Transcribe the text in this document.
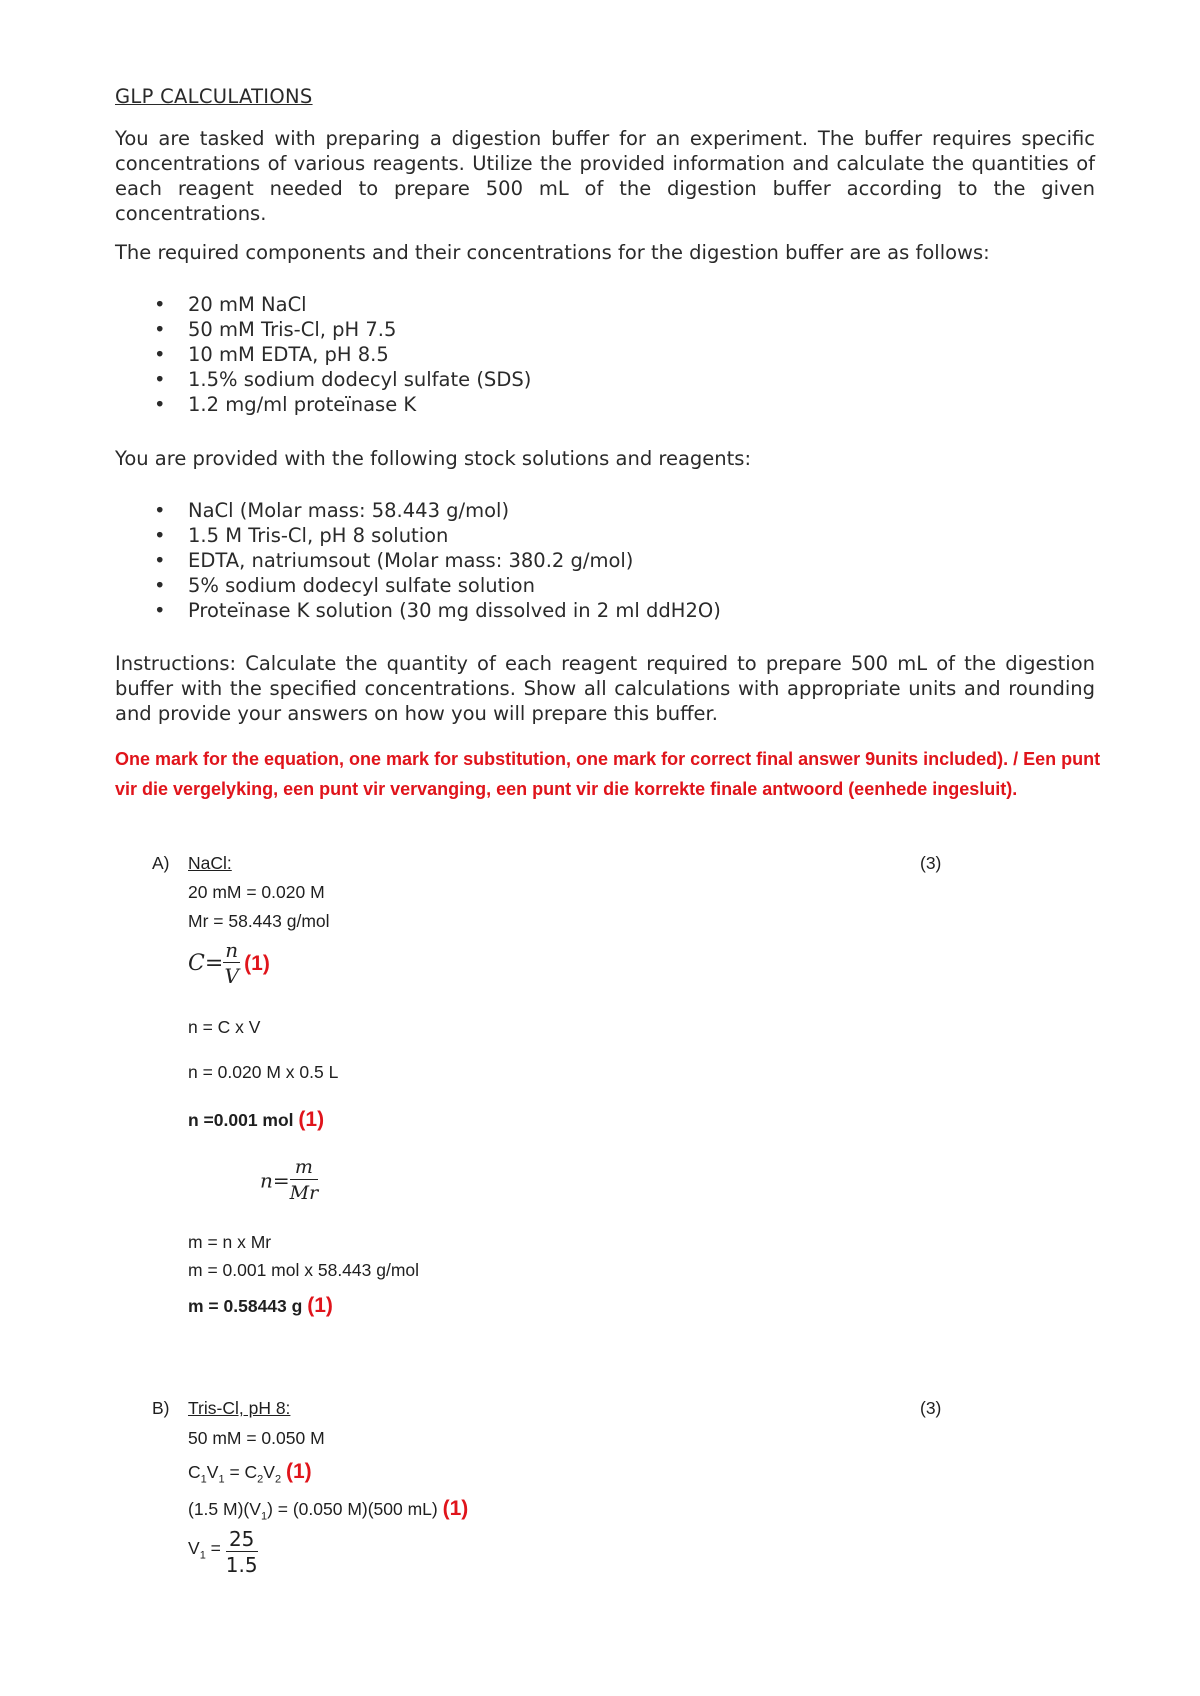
GLP CALCULATIONS

You are tasked with preparing a digestion buffer for an experiment. The buffer requires specific concentrations of various reagents. Utilize the provided information and calculate the quantities of each reagent needed to prepare 500 mL of the digestion buffer according to the given concentrations.

The required components and their concentrations for the digestion buffer are as follows:

• 20 mM NaCl
• 50 mM Tris-Cl, pH 7.5
• 10 mM EDTA, pH 8.5
• 1.5% sodium dodecyl sulfate (SDS)
• 1.2 mg/ml proteïnase K

You are provided with the following stock solutions and reagents:

• NaCl (Molar mass: 58.443 g/mol)
• 1.5 M Tris-Cl, pH 8 solution
• EDTA, natriumsout (Molar mass: 380.2 g/mol)
• 5% sodium dodecyl sulfate solution
• Proteïnase K solution (30 mg dissolved in 2 ml ddH2O)

Instructions: Calculate the quantity of each reagent required to prepare 500 mL of the digestion buffer with the specified concentrations. Show all calculations with appropriate units and rounding and provide your answers on how you will prepare this buffer.

One mark for the equation, one mark for substitution, one mark for correct final answer 9units included). / Een punt vir die vergelyking, een punt vir vervanging, een punt vir die korrekte finale antwoord (eenhede ingesluit).

A) NaCl:	(3)
20 mM = 0.020 M
Mr = 58.443 g/mol
$C= \frac{n}{V} (1)$
n = C x V
n = 0.020 M x 0.5 L
n =0.001 mol (1)
$n= \frac{m}{Mr}$
m = n x Mr
m = 0.001 mol x 58.443 g/mol
m = 0.58443 g (1)
B) Tris-Cl, pH 8:	(3)
50 mM = 0.050 M
$C_1V_1 = C_2V_2$ (1)
(1.5 $M)(V_1) = (0.050$ M)(500 mL) (1)
$V_1 = \frac{25}{1.5}$
